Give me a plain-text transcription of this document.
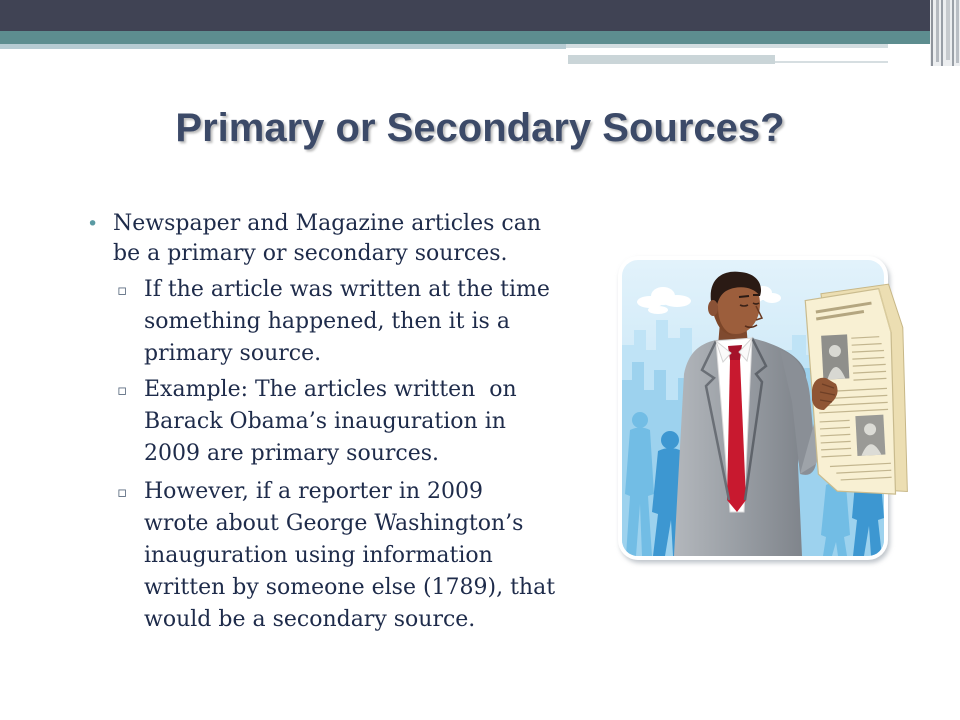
Primary or Secondary Sources?
• Newspaper and Magazine articles can
be a primary or secondary sources.
▫ If the article was written at the time
something happened, then it is a
primary source.
▫ Example: The articles written  on
Barack Obama’s inauguration in
2009 are primary sources.
▫ However, if a reporter in 2009
wrote about George Washington’s
inauguration using information
written by someone else (1789), that
would be a secondary source.
